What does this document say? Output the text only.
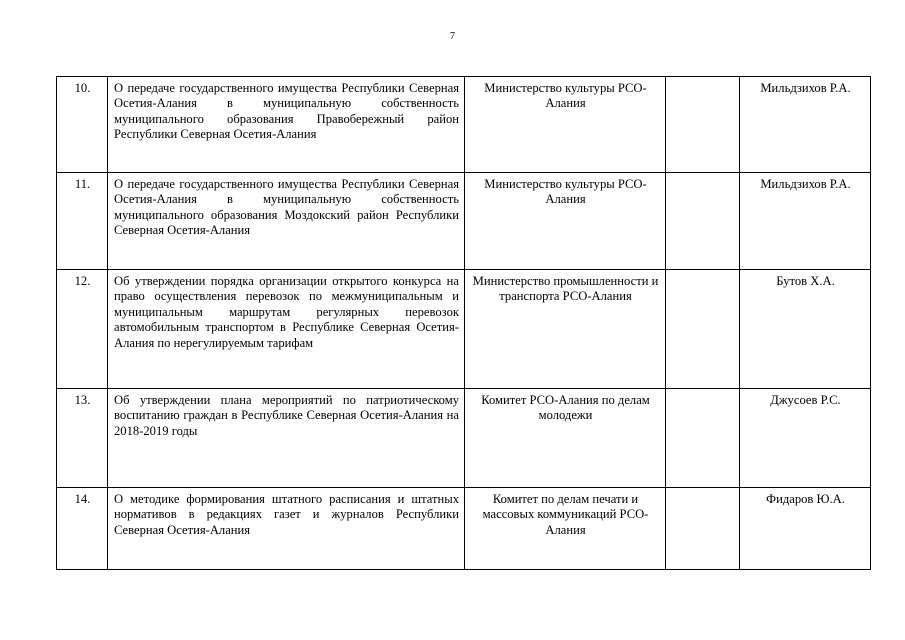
7
10.	О передаче государственного имущества Республики Северная Осетия-Алания в муниципальную собственность муниципального образования Правобережный район Республики Северная Осетия-Алания	Министерство культуры РСО-Алания		Мильдзихов Р.А.
11.	О передаче государственного имущества Республики Северная Осетия-Алания в муниципальную собственность муниципального образования Моздокский район Республики Северная Осетия-Алания	Министерство культуры РСО-Алания		Мильдзихов Р.А.
12.	Об утверждении порядка организации открытого конкурса на право осуществления перевозок по межмуниципальным и муниципальным маршрутам регулярных перевозок автомобильным транспортом в Республике Северная Осетия-Алания по нерегулируемым тарифам	Министерство промышленности и транспорта РСО-Алания		Бутов Х.А.
13.	Об утверждении плана мероприятий по патриотическому воспитанию граждан в Республике Северная Осетия-Алания на 2018-2019 годы	Комитет РСО-Алания по делам молодежи		Джусоев Р.С.
14.	О методике формирования штатного расписания и штатных нормативов в редакциях газет и журналов Республики Северная Осетия-Алания	Комитет по делам печати и массовых коммуникаций РСО-Алания		Фидаров Ю.А.
